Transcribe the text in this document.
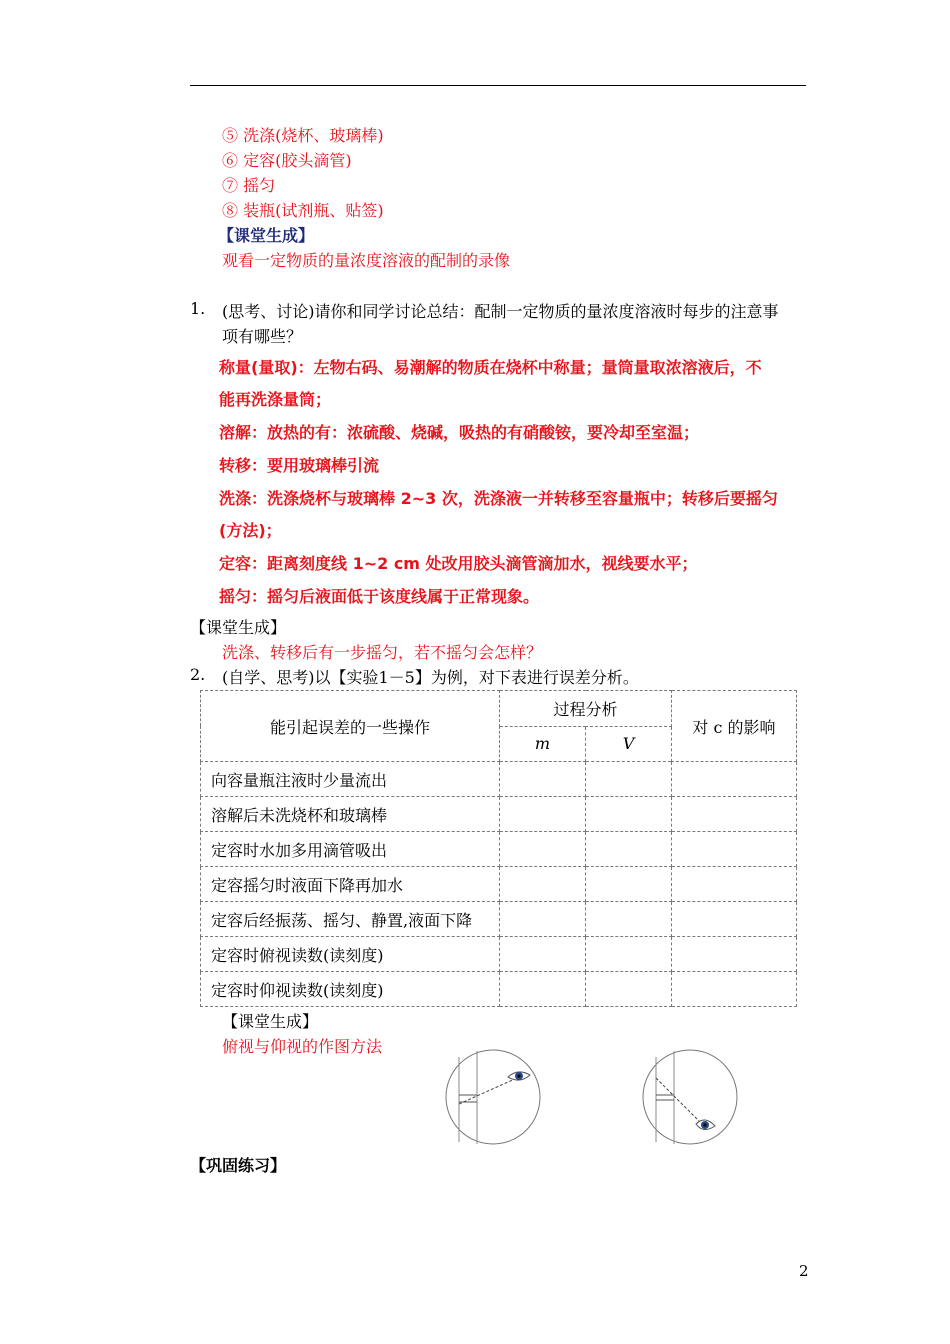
⑤ 洗涤(烧杯、玻璃棒)
⑥ 定容(胶头滴管)
⑦ 摇匀
⑧ 装瓶(试剂瓶、贴签)
【课堂生成】
观看一定物质的量浓度溶液的配制的录像
1. (思考、讨论)请你和同学讨论总结：配制一定物质的量浓度溶液时每步的注意事
项有哪些？
称量(量取)：左物右码、易潮解的物质在烧杯中称量；量筒量取浓溶液后，不
能再洗涤量筒；
溶解：放热的有：浓硫酸、烧碱，吸热的有硝酸铵，要冷却至室温；
转移：要用玻璃棒引流
洗涤：洗涤烧杯与玻璃棒 2~3 次，洗涤液一并转移至容量瓶中；转移后要摇匀
(方法)；
定容：距离刻度线 1~2 cm 处改用胶头滴管滴加水，视线要水平；
摇匀：摇匀后液面低于该度线属于正常现象。
【课堂生成】
洗涤、转移后有一步摇匀，若不摇匀会怎样？
2. (自学、思考)以【实验1－5】为例，对下表进行误差分析。
能引起误差的一些操作	过程分析		对 c 的影响
	m	V	
向容量瓶注液时少量流出			
溶解后未洗烧杯和玻璃棒			
定容时水加多用滴管吸出			
定容摇匀时液面下降再加水			
定容后经振荡、摇匀、静置,液面下降			
定容时俯视读数(读刻度)			
定容时仰视读数(读刻度)			
【课堂生成】
俯视与仰视的作图方法
【巩固练习】
2
